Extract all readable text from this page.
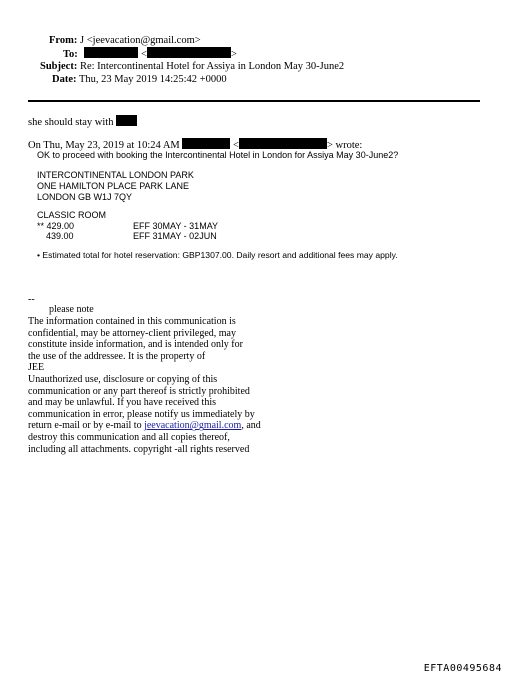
From: J <jeevacation@gmail.com>
To:	<	>
Subject: Re: Intercontinental Hotel for Assiya in London May 30-June2
Date: Thu, 23 May 2019 14:25:42 +0000
she should stay with
On Thu, May 23, 2019 at 10:24 AM	<	> wrote:
OK to proceed with booking the Intercontinental Hotel in London for Assiya May 30-June2?
INTERCONTINENTAL LONDON PARK
ONE HAMILTON PLACE PARK LANE
LONDON GB W1J 7QY
CLASSIC ROOM
** 429.00	EFF 30MAY - 31MAY
439.00	EFF 31MAY - 02JUN
• Estimated total for hotel reservation: GBP1307.00. Daily resort and additional fees may apply.
--
please note
The information contained in this communication is
confidential, may be attorney-client privileged, may
constitute inside information, and is intended only for
the use of the addressee. It is the property of
JEE
Unauthorized use, disclosure or copying of this
communication or any part thereof is strictly prohibited
and may be unlawful. If you have received this
communication in error, please notify us immediately by
return e-mail or by e-mail to jeevacation@gmail.com, and
destroy this communication and all copies thereof,
including all attachments. copyright -all rights reserved
EFTA00495684
